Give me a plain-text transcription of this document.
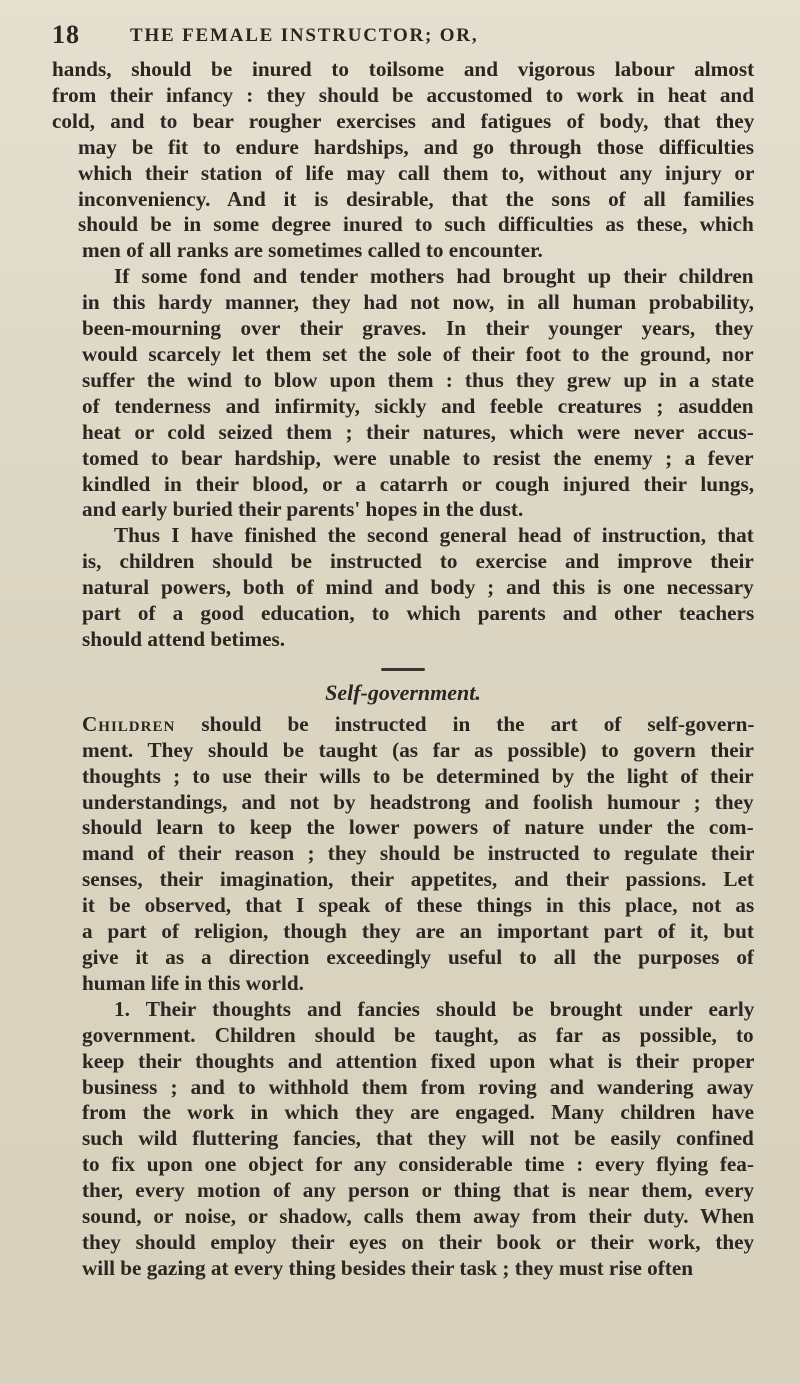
18	THE FEMALE INSTRUCTOR; OR,

hands, should be inured to toilsome and vigorous labour almost
from their infancy : they should be accustomed to work in heat and
cold, and to bear rougher exercises and fatigues of body, that they
may be fit to endure hardships, and go through those difficulties
which their station of life may call them to, without any injury or
inconveniency. And it is desirable, that the sons of all families
should be in some degree inured to such difficulties as these, which
men of all ranks are sometimes called to encounter.

If some fond and tender mothers had brought up their children
in this hardy manner, they had not now, in all human probability,
been-mourning over their graves. In their younger years, they
would scarcely let them set the sole of their foot to the ground, nor
suffer the wind to blow upon them : thus they grew up in a state
of tenderness and infirmity, sickly and feeble creatures ; asudden
heat or cold seized them ; their natures, which were never accus-
tomed to bear hardship, were unable to resist the enemy ; a fever
kindled in their blood, or a catarrh or cough injured their lungs,
and early buried their parents' hopes in the dust.

Thus I have finished the second general head of instruction, that
is, children should be instructed to exercise and improve their
natural powers, both of mind and body ; and this is one necessary
part of a good education, to which parents and other teachers
should attend betimes.

Self-government.

Children should be instructed in the art of self-govern-
ment. They should be taught (as far as possible) to govern their
thoughts ; to use their wills to be determined by the light of their
understandings, and not by headstrong and foolish humour ; they
should learn to keep the lower powers of nature under the com-
mand of their reason ; they should be instructed to regulate their
senses, their imagination, their appetites, and their passions. Let
it be observed, that I speak of these things in this place, not as
a part of religion, though they are an important part of it, but
give it as a direction exceedingly useful to all the purposes of
human life in this world.

1. Their thoughts and fancies should be brought under early
government. Children should be taught, as far as possible, to
keep their thoughts and attention fixed upon what is their proper
business ; and to withhold them from roving and wandering away
from the work in which they are engaged. Many children have
such wild fluttering fancies, that they will not be easily confined
to fix upon one object for any considerable time : every flying fea-
ther, every motion of any person or thing that is near them, every
sound, or noise, or shadow, calls them away from their duty. When
they should employ their eyes on their book or their work, they
will be gazing at every thing besides their task ; they must rise often
